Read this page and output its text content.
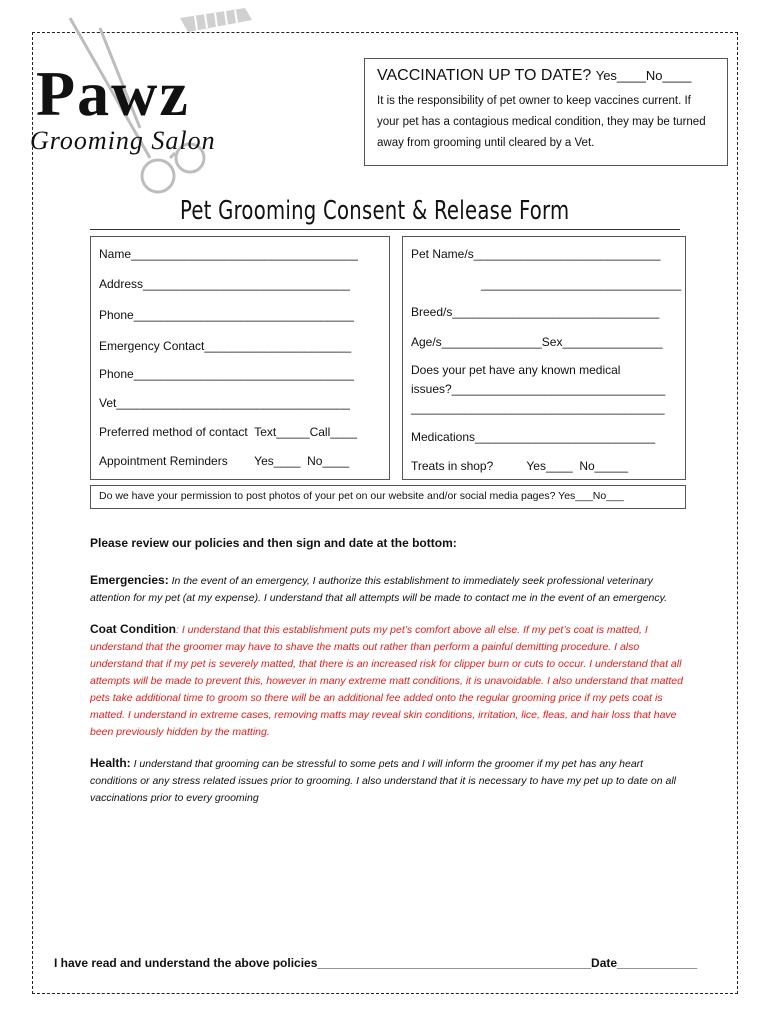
Pawz
Grooming Salon
VACCINATION UP TO DATE? Yes____No____
It is the responsibility of pet owner to keep vaccines current. If your pet has a contagious medical condition, they may be turned away from grooming until cleared by a Vet.
Pet Grooming Consent & Release Form
Name__________________________________
Address_______________________________
Phone_________________________________
Emergency Contact______________________
Phone_________________________________
Vet___________________________________
Preferred method of contact  Text_____Call____
Appointment Reminders        Yes____  No____
Pet Name/s____________________________
______________________________
Breed/s_______________________________
Age/s_______________Sex_______________
Does your pet have any known medical
issues?________________________________
______________________________________
Medications___________________________
Treats in shop?          Yes____  No_____
Do we have your permission to post photos of your pet on our website and/or social media pages? Yes___No___

Please review our policies and then sign and date at the bottom:

Emergencies: In the event of an emergency, I authorize this establishment to immediately seek professional veterinary attention for my pet (at my expense). I understand that all attempts will be made to contact me in the event of an emergency.

Coat Condition: I understand that this establishment puts my pet’s comfort above all else. If my pet’s coat is matted, I understand that the groomer may have to shave the matts out rather than perform a painful demitting procedure. I also understand that if my pet is severely matted, that there is an increased risk for clipper burn or cuts to occur. I understand that all attempts will be made to prevent this, however in many extreme matt conditions, it is unavoidable. I also understand that matted pets take additional time to groom so there will be an additional fee added onto the regular grooming price if my pets coat is matted. I understand in extreme cases, removing matts may reveal skin conditions, irritation, lice, fleas, and hair loss that have been previously hidden by the matting.

Health: I understand that grooming can be stressful to some pets and I will inform the groomer if my pet has any heart conditions or any stress related issues prior to grooming. I also understand that it is necessary to have my pet up to date on all vaccinations prior to every grooming

I have read and understand the above policies_________________________________________Date____________
